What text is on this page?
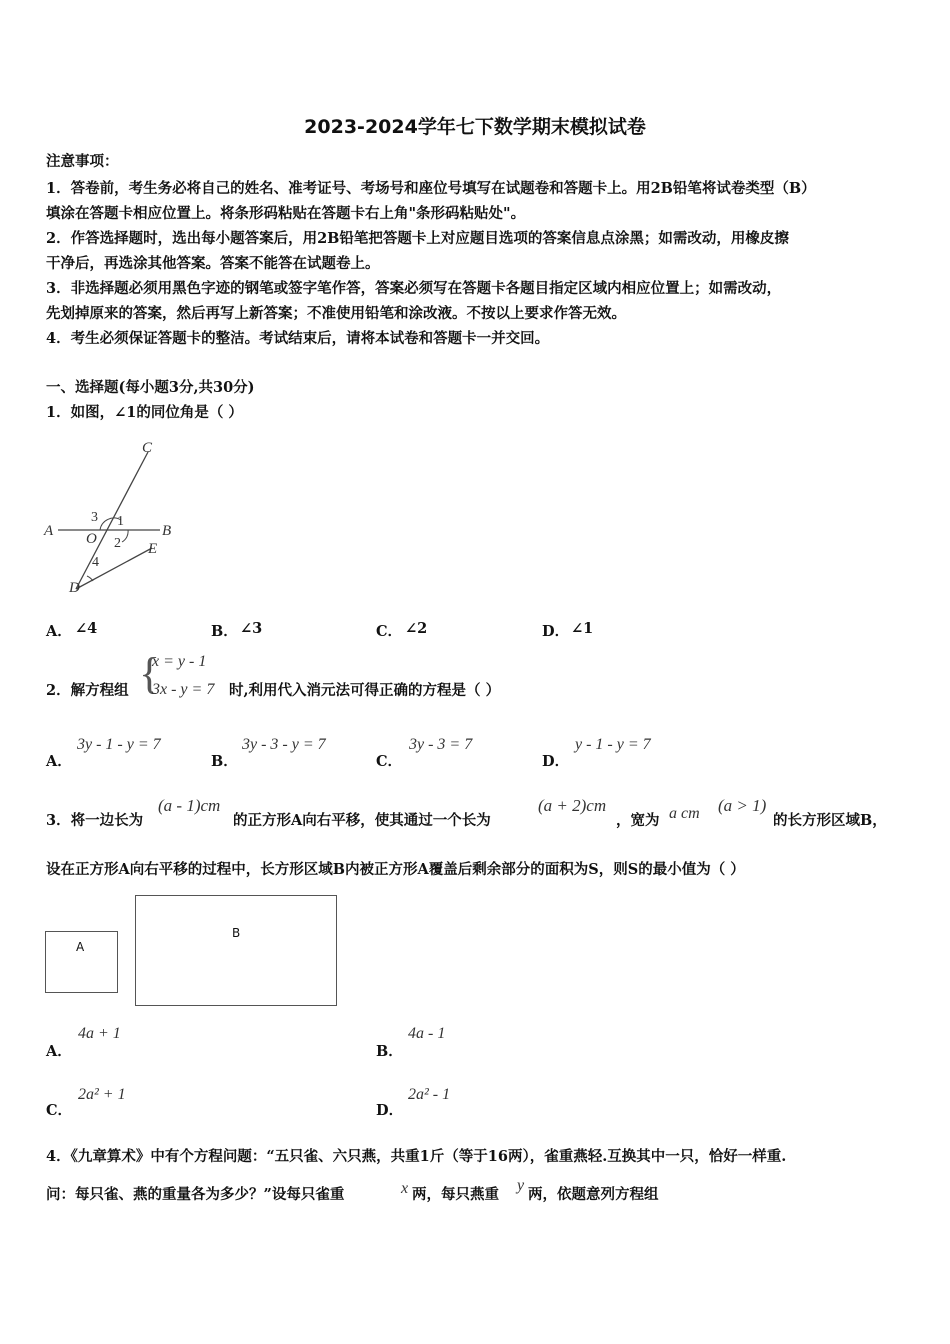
2023-2024学年七下数学期末模拟试卷
注意事项：
1．答卷前，考生务必将自己的姓名、准考证号、考场号和座位号填写在试题卷和答题卡上。用2B铅笔将试卷类型（B）
填涂在答题卡相应位置上。将条形码粘贴在答题卡右上角"条形码粘贴处"。
2．作答选择题时，选出每小题答案后，用2B铅笔把答题卡上对应题目选项的答案信息点涂黑；如需改动，用橡皮擦
干净后，再选涂其他答案。答案不能答在试题卷上。
3．非选择题必须用黑色字迹的钢笔或签字笔作答，答案必须写在答题卡各题目指定区域内相应位置上；如需改动，
先划掉原来的答案，然后再写上新答案；不准使用铅笔和涂改液。不按以上要求作答无效。
4．考生必须保证答题卡的整洁。考试结束后，请将本试卷和答题卡一并交回。
一、选择题(每小题3分,共30分)
1．如图，∠1的同位角是（ ）
C
A	B
E
D
O
3 1
2
4
A． ∠4	B． ∠3	C． ∠2	D． ∠1
2．解方程组 {
x = y - 1
3x - y = 7 时,利用代入消元法可得正确的方程是（ ）
A．
3y - 1 - y = 7
B．
3y - 3 - y = 7
C．
3y - 3 = 7
D．
y - 1 - y = 7
3．将一边长为
(a - 1)cm
的正方形A向右平移，使其通过一个长为
(a + 2)cm
，宽为 a cm (a > 1)
的长方形区域B，
设在正方形A向右平移的过程中，长方形区域B内被正方形A覆盖后剩余部分的面积为S，则S的最小值为（ ）
A
B
A．
4a + 1
B．
4a - 1
C．
2a² + 1
D．
2a² - 1
4．《九章算术》中有个方程问题：“五只雀、六只燕，共重1斤（等于16两），雀重燕轻.互换其中一只，恰好一样重.
问：每只雀、燕的重量各为多少？”设每只雀重	x 两，每只燕重
y
两，依题意列方程组
